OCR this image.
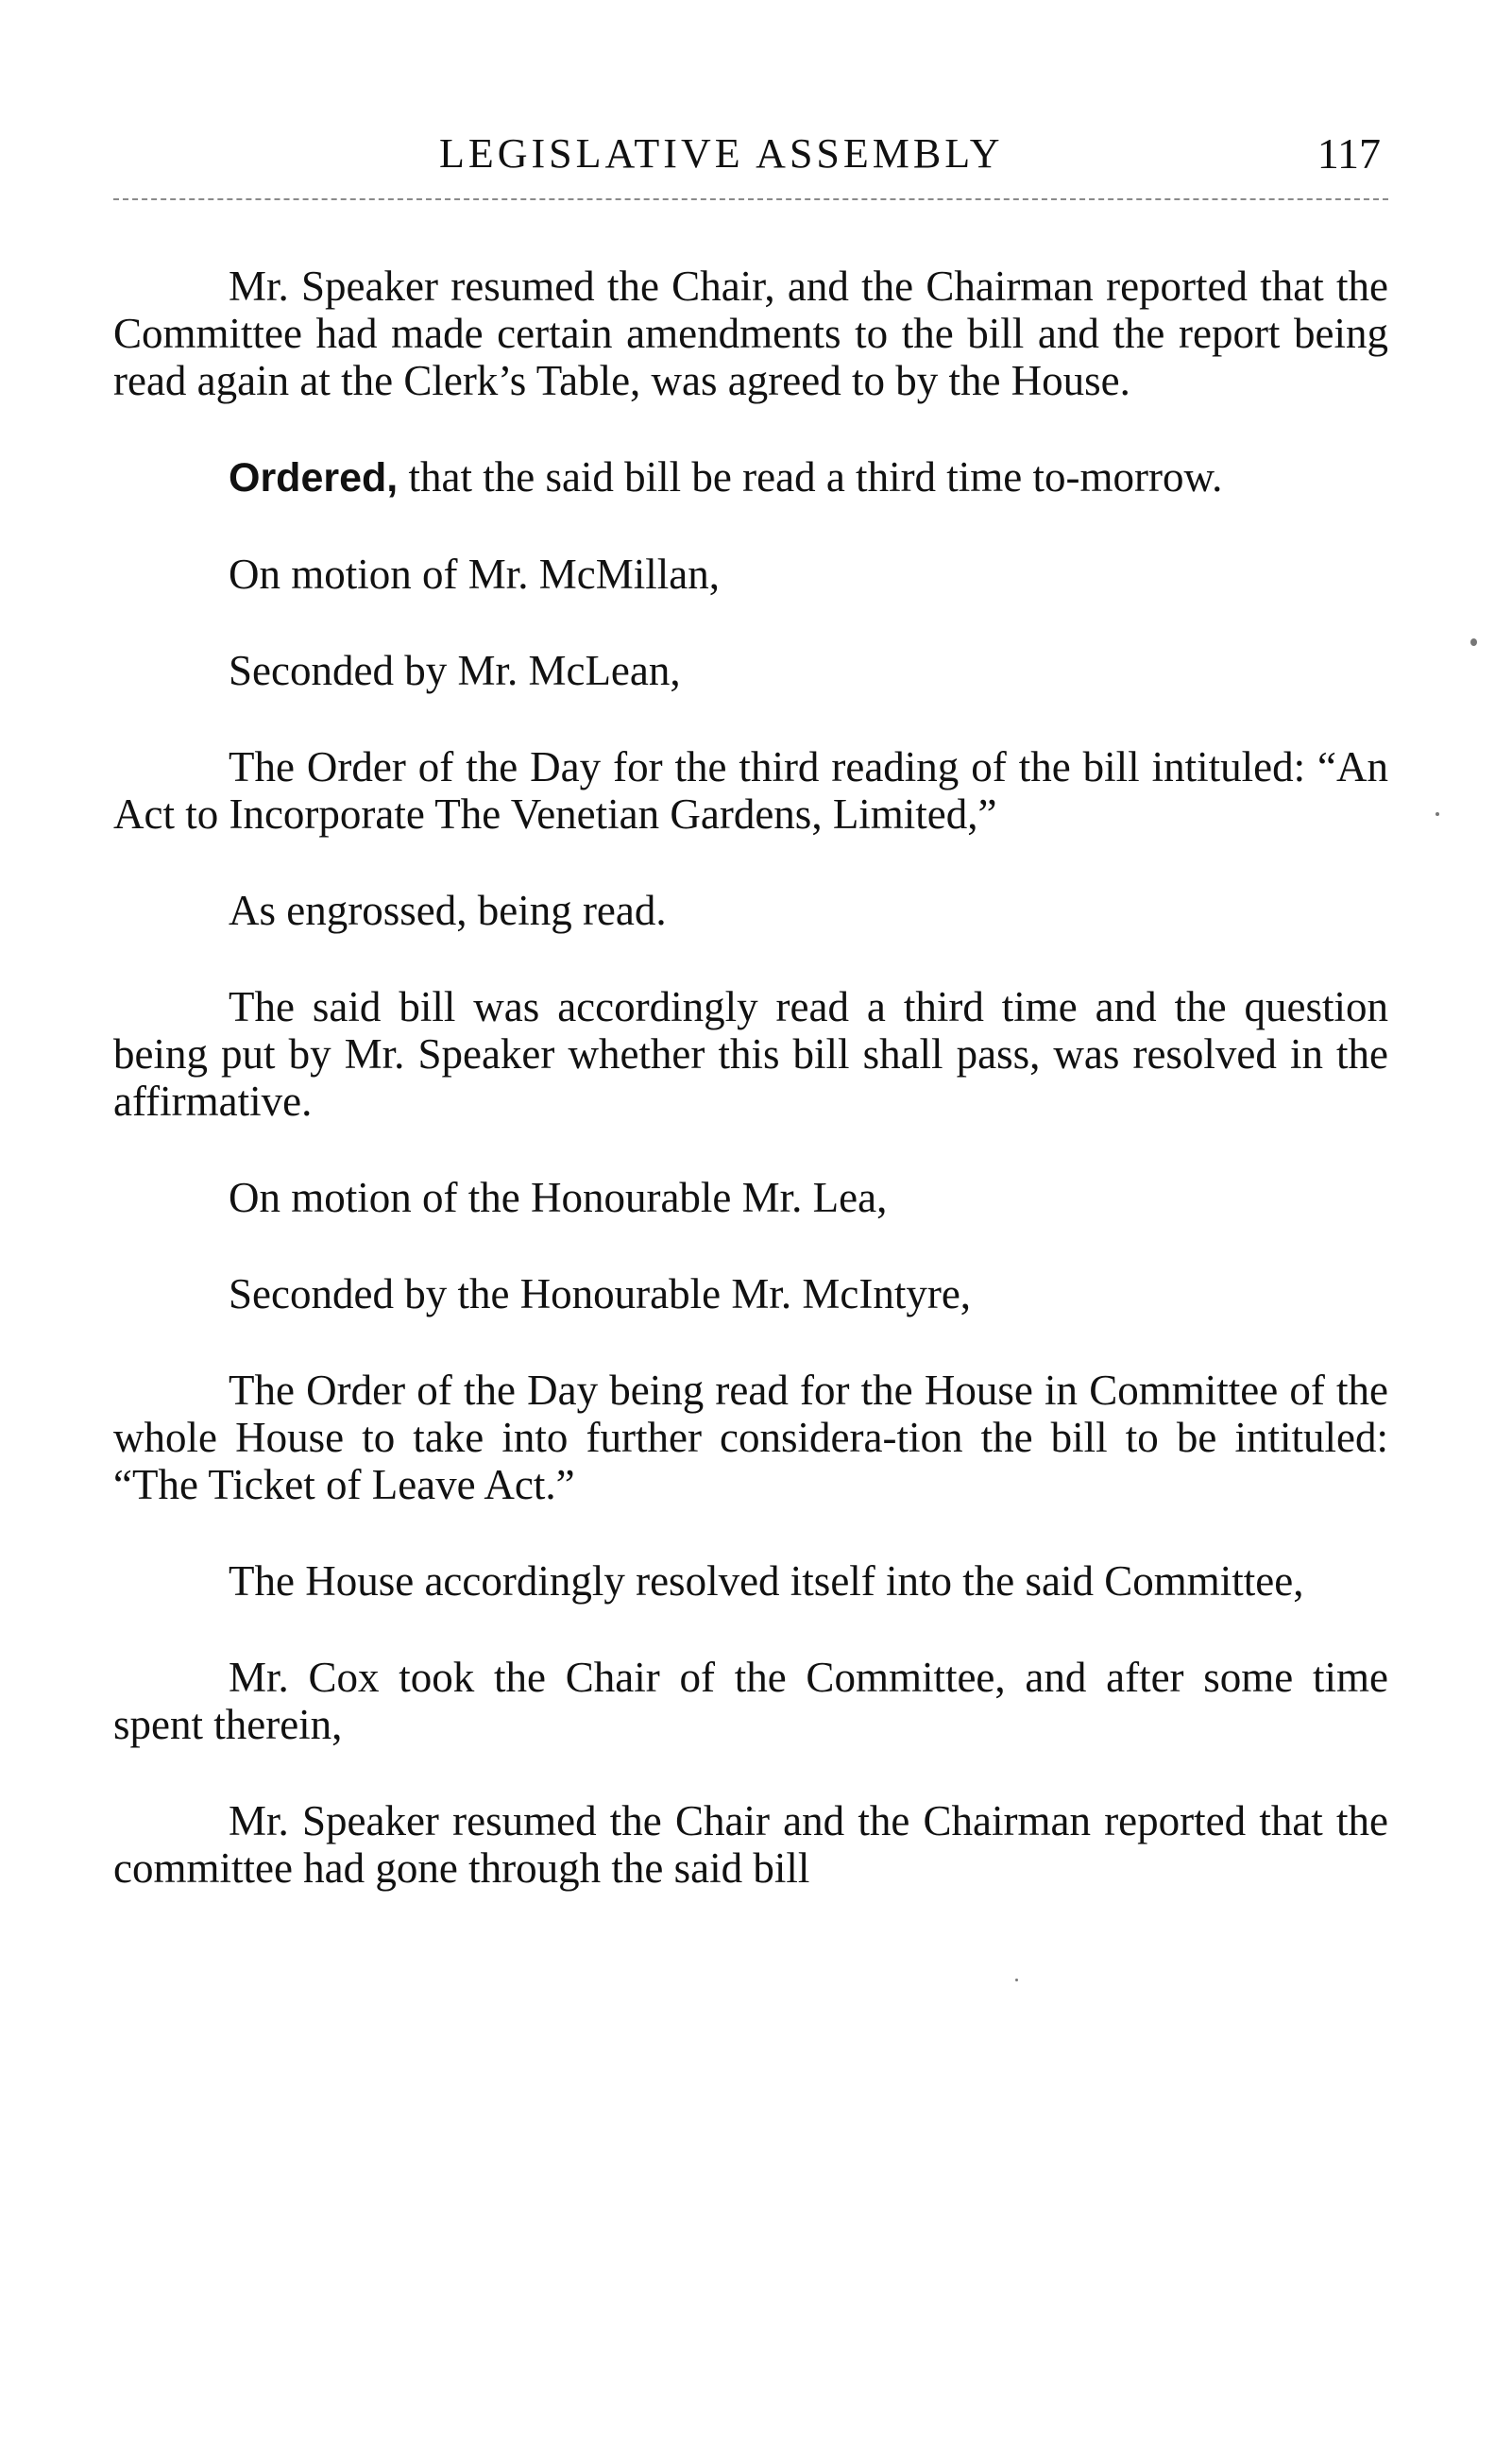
LEGISLATIVE ASSEMBLY	117

Mr. Speaker resumed the Chair, and the Chairman reported that the Committee had made certain amendments to the bill and the report being read again at the Clerk’s Table, was agreed to by the House.

Ordered, that the said bill be read a third time to-morrow.

On motion of Mr. McMillan,

Seconded by Mr. McLean,

The Order of the Day for the third reading of the bill intituled: “An Act to Incorporate The Venetian Gardens, Limited,”

As engrossed, being read.

The said bill was accordingly read a third time and the question being put by Mr. Speaker whether this bill shall pass, was resolved in the affirmative.

On motion of the Honourable Mr. Lea,

Seconded by the Honourable Mr. McIntyre,

The Order of the Day being read for the House in Committee of the whole House to take into further considera-tion the bill to be intituled: “The Ticket of Leave Act.”

The House accordingly resolved itself into the said Committee,

Mr. Cox took the Chair of the Committee, and after some time spent therein,

Mr. Speaker resumed the Chair and the Chairman reported that the committee had gone through the said bill
